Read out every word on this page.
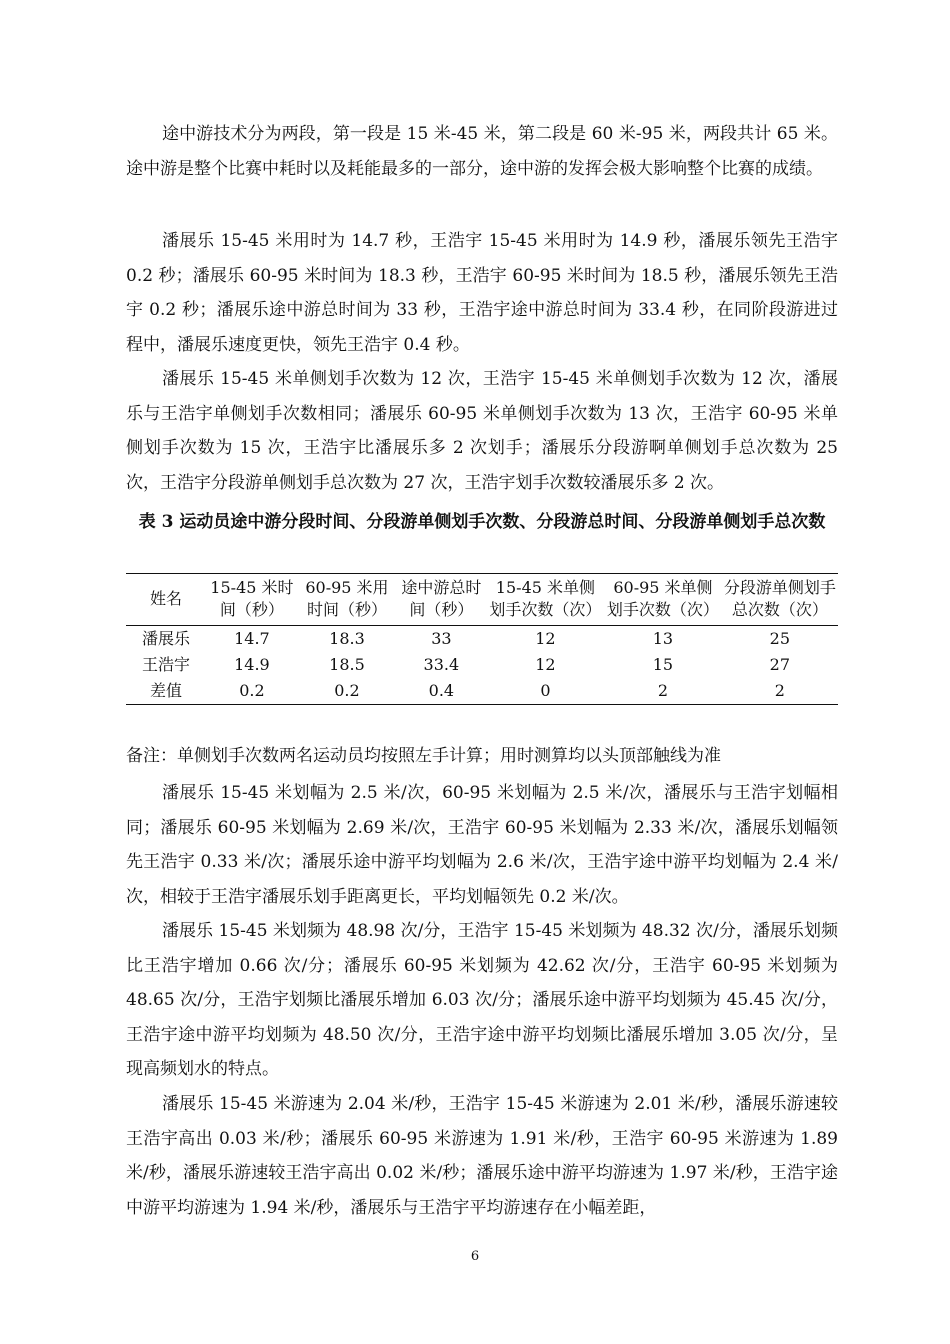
途中游技术分为两段，第一段是 15 米-45 米，第二段是 60 米-95 米，两段共计 65 米。途中游是整个比赛中耗时以及耗能最多的一部分，途中游的发挥会极大影响整个比赛的成绩。

潘展乐 15-45 米用时为 14.7 秒，王浩宇 15-45 米用时为 14.9 秒，潘展乐领先王浩宇 0.2 秒；潘展乐 60-95 米时间为 18.3 秒，王浩宇 60-95 米时间为 18.5 秒，潘展乐领先王浩宇 0.2 秒；潘展乐途中游总时间为 33 秒，王浩宇途中游总时间为 33.4 秒，在同阶段游进过程中，潘展乐速度更快，领先王浩宇 0.4 秒。

潘展乐 15-45 米单侧划手次数为 12 次，王浩宇 15-45 米单侧划手次数为 12 次，潘展乐与王浩宇单侧划手次数相同；潘展乐 60-95 米单侧划手次数为 13 次，王浩宇 60-95 米单侧划手次数为 15 次，王浩宇比潘展乐多 2 次划手；潘展乐分段游啊单侧划手总次数为 25 次，王浩宇分段游单侧划手总次数为 27 次，王浩宇划手次数较潘展乐多 2 次。

表 3 运动员途中游分段时间、分段游单侧划手次数、分段游总时间、分段游单侧划手总次数

姓名	15-45 米时间（秒）	60-95 米用时间（秒）	途中游总时间（秒）	15-45 米单侧划手次数（次）	60-95 米单侧划手次数（次）	分段游单侧划手总次数（次）
潘展乐	14.7	18.3	33	12	13	25
王浩宇	14.9	18.5	33.4	12	15	27
差值	0.2	0.2	0.4	0	2	2

备注：单侧划手次数两名运动员均按照左手计算；用时测算均以头顶部触线为准

潘展乐 15-45 米划幅为 2.5 米/次，60-95 米划幅为 2.5 米/次，潘展乐与王浩宇划幅相同；潘展乐 60-95 米划幅为 2.69 米/次，王浩宇 60-95 米划幅为 2.33 米/次，潘展乐划幅领先王浩宇 0.33 米/次；潘展乐途中游平均划幅为 2.6 米/次，王浩宇途中游平均划幅为 2.4 米/次，相较于王浩宇潘展乐划手距离更长，平均划幅领先 0.2 米/次。

潘展乐 15-45 米划频为 48.98 次/分，王浩宇 15-45 米划频为 48.32 次/分，潘展乐划频比王浩宇增加 0.66 次/分；潘展乐 60-95 米划频为 42.62 次/分，王浩宇 60-95 米划频为 48.65 次/分，王浩宇划频比潘展乐增加 6.03 次/分；潘展乐途中游平均划频为 45.45 次/分，王浩宇途中游平均划频为 48.50 次/分，王浩宇途中游平均划频比潘展乐增加 3.05 次/分，呈现高频划水的特点。

潘展乐 15-45 米游速为 2.04 米/秒，王浩宇 15-45 米游速为 2.01 米/秒，潘展乐游速较王浩宇高出 0.03 米/秒；潘展乐 60-95 米游速为 1.91 米/秒，王浩宇 60-95 米游速为 1.89 米/秒，潘展乐游速较王浩宇高出 0.02 米/秒；潘展乐途中游平均游速为 1.97 米/秒，王浩宇途中游平均游速为 1.94 米/秒，潘展乐与王浩宇平均游速存在小幅差距，

6
